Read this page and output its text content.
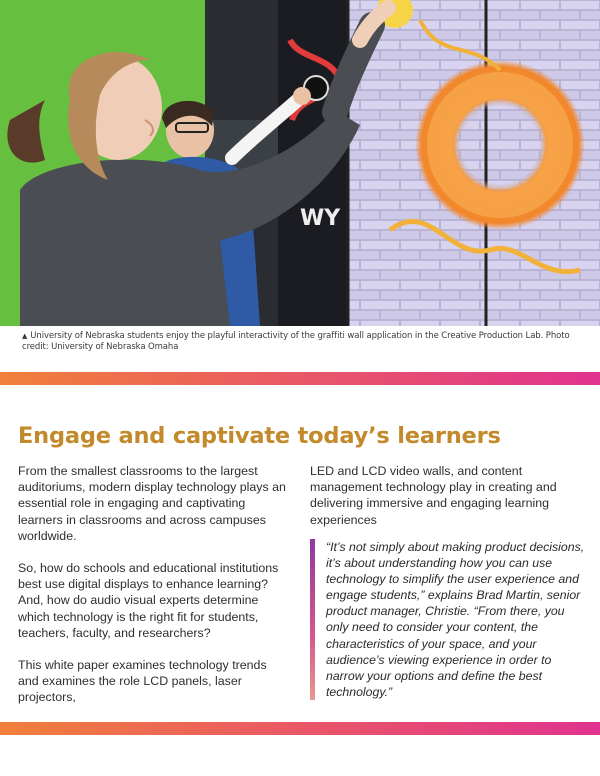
WY
▲ University of Nebraska students enjoy the playful interactivity of the graffiti wall application in the Creative Production Lab. Photo credit: University of Nebraska Omaha
Engage and captivate today’s learners

From the smallest classrooms to the largest auditoriums, modern display technology plays an essential role in engaging and captivating learners in classrooms and across campuses worldwide.

So, how do schools and educational institutions best use digital displays to enhance learning? And, how do audio visual experts determine which technology is the right fit for students, teachers, faculty, and researchers?

This white paper examines technology trends and examines the role LCD panels, laser projectors,

LED and LCD video walls, and content management technology play in creating and delivering immersive and engaging learning experiences

“It’s not simply about making product decisions, it’s about understanding how you can use technology to simplify the user experience and engage students,” explains Brad Martin, senior product manager, Christie. “From there, you only need to consider your content, the characteristics of your space, and your audience’s viewing experience in order to narrow your options and define the best technology.”
